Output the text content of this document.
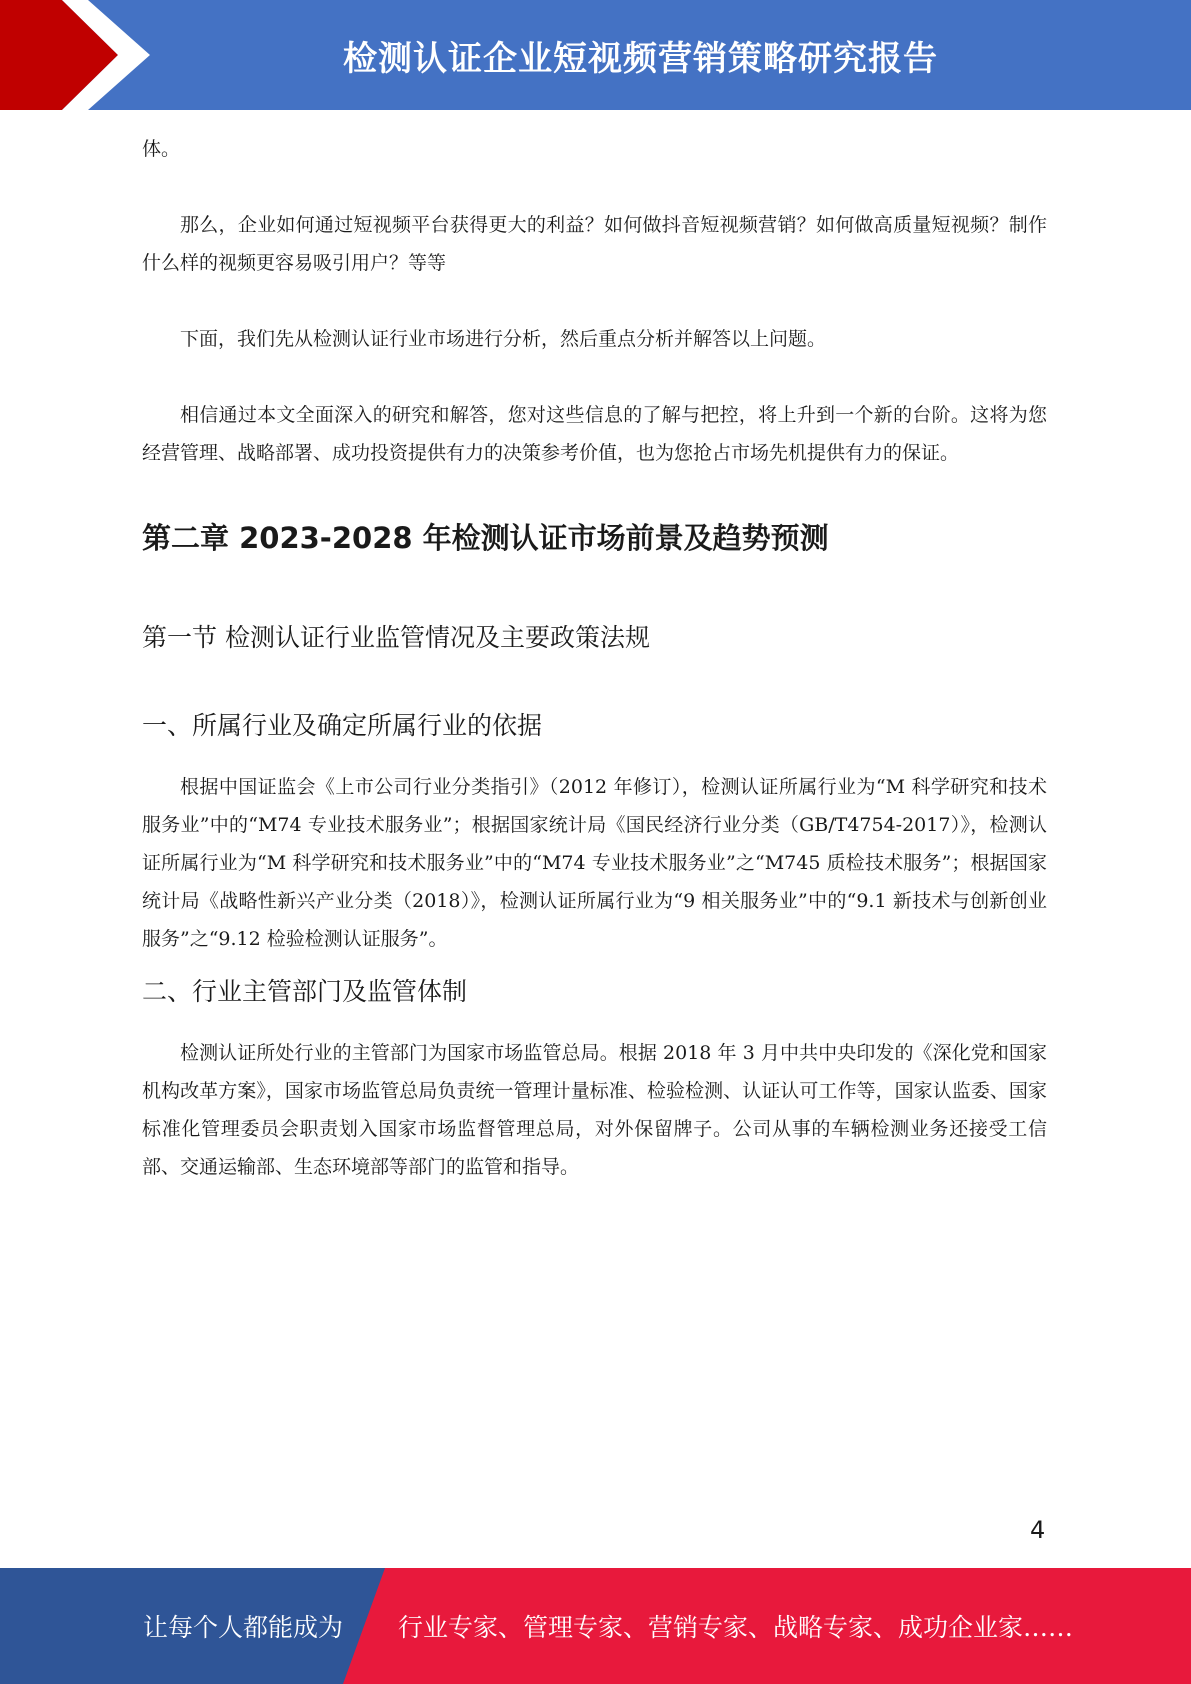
检测认证企业短视频营销策略研究报告

体。

那么，企业如何通过短视频平台获得更大的利益？如何做抖音短视频营销？如何做高质量短视频？制作什么样的视频更容易吸引用户？等等

下面，我们先从检测认证行业市场进行分析，然后重点分析并解答以上问题。

相信通过本文全面深入的研究和解答，您对这些信息的了解与把控，将上升到一个新的台阶。这将为您经营管理、战略部署、成功投资提供有力的决策参考价值，也为您抢占市场先机提供有力的保证。

第二章 2023-2028 年检测认证市场前景及趋势预测
第一节 检测认证行业监管情况及主要政策法规
一、所属行业及确定所属行业的依据

根据中国证监会《上市公司行业分类指引》（2012 年修订），检测认证所属行业为“M 科学研究和技术服务业”中的“M74 专业技术服务业”；根据国家统计局《国民经济行业分类（GB/T4754-2017）》，检测认证所属行业为“M 科学研究和技术服务业”中的“M74 专业技术服务业”之“M745 质检技术服务”；根据国家统计局《战略性新兴产业分类（2018）》，检测认证所属行业为“9 相关服务业”中的“9.1 新技术与创新创业服务”之“9.12 检验检测认证服务”。

二、行业主管部门及监管体制

检测认证所处行业的主管部门为国家市场监管总局。根据 2018 年 3 月中共中央印发的《深化党和国家机构改革方案》，国家市场监管总局负责统一管理计量标准、检验检测、认证认可工作等，国家认监委、国家标准化管理委员会职责划入国家市场监督管理总局，对外保留牌子。公司从事的车辆检测业务还接受工信部、交通运输部、生态环境部等部门的监管和指导。

4
让每个人都能成为 行业专家、管理专家、营销专家、战略专家、成功企业家……
